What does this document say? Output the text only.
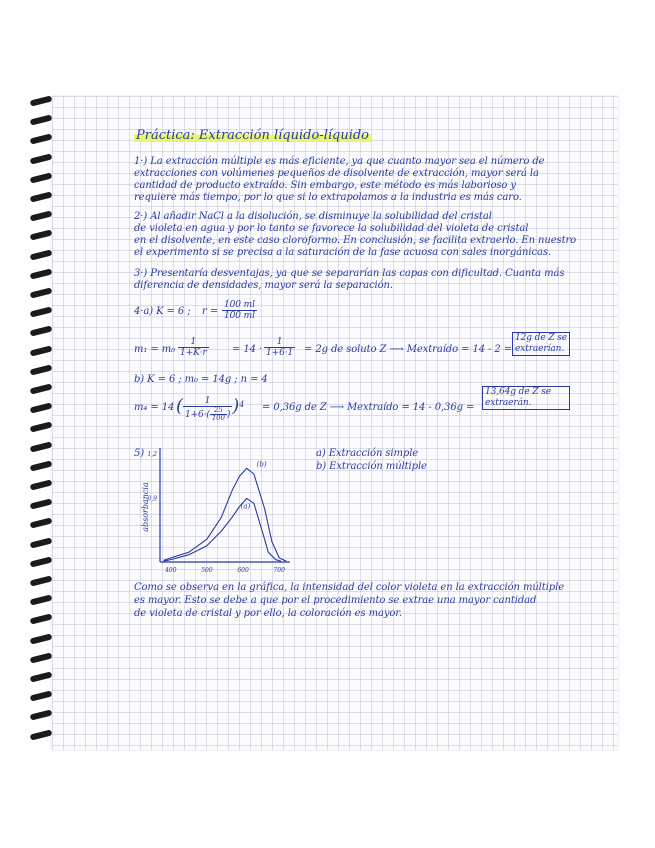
Práctica: Extracción líquido-líquido
1·) La extracción múltiple es más eficiente, ya que cuanto mayor sea el número de
extracciones con volúmenes pequeños de disolvente de extracción, mayor será la
cantidad de producto extraído. Sin embargo, este método es más laborioso y
requiere más tiempo, por lo que si lo extrapolamos a la industria es más caro.
2·) Al añadir NaCl a la disolución, se disminuye la solubilidad del cristal
de violeta en agua y por lo tanto se favorece la solubilidad del violeta de cristal
en el disolvente, en este caso cloroformo. En conclusión, se facilita extraerlo. En nuestro
el experimento si se precisa a la saturación de la fase acuosa con sales inorgánicas.
3·) Presentaría desventajas, ya que se separarían las capas con dificultad. Cuanta más
diferencia de densidades, mayor será la separación.
4·a) K = 6 ; $r = \frac{100 ml}{100 ml}$
$m_1 = m_0 \frac{1}{1+K\cdot r} = 14 \cdot \frac{1}{1+6\cdot 1} = 2g$ de soluto Z ⟶ Mextraído = 14 - 2 =
12g de Z se extraerían.
b) K = 6 ; m₀ = 14g ; n = 4
m₄ = 14 ( $\frac{1}{1+6\cdot( \frac{25}{100} )} )^4 = 0,36g$ de Z ⟶ Mextraído = 14 - 0,36g =
13,64g de Z se extraerán.
5)
(b)
(a)
absorbancia
1,2
0,9
400	500	600	700
a) Extracción simple
b) Extracción múltiple
Como se observa en la gráfica, la intensidad del color violeta en la extracción múltiple
es mayor. Esto se debe a que por el procedimiento se extrae una mayor cantidad
de violeta de cristal y por ello, la coloración es mayor.
